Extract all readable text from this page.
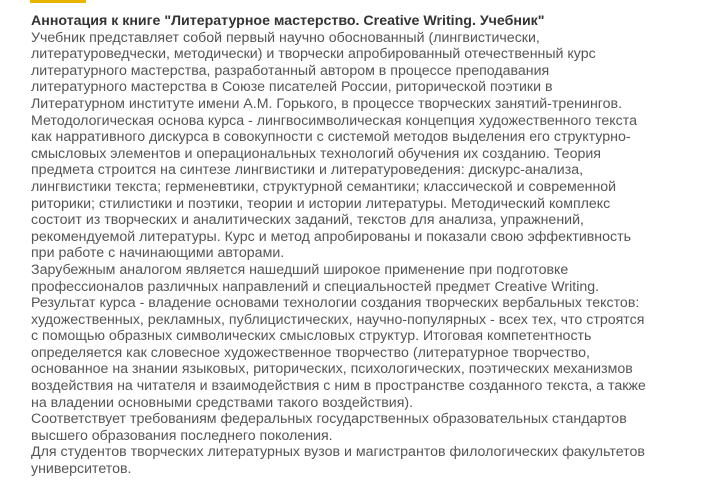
Аннотация к книге "Литературное мастерство. Creative Writing. Учебник"

Учебник представляет собой первый научно обоснованный (лингвистически,
литературоведчески, методически) и творчески апробированный отечественный курс
литературного мастерства, разработанный автором в процессе преподавания
литературного мастерства в Союзе писателей России, риторической поэтики в
Литературном институте имени А.М. Горького, в процессе творческих занятий-тренингов.
Методологическая основа курса - лингвосимволическая концепция художественного текста
как нарративного дискурса в совокупности с системой методов выделения его структурно-
смысловых элементов и операциональных технологий обучения их созданию. Теория
предмета строится на синтезе лингвистики и литературоведения: дискурс-анализа,
лингвистики текста; герменевтики, структурной семантики; классической и современной
риторики; стилистики и поэтики, теории и истории литературы. Методический комплекс
состоит из творческих и аналитических заданий, текстов для анализа, упражнений,
рекомендуемой литературы. Курс и метод апробированы и показали свою эффективность
при работе с начинающими авторами.

Зарубежным аналогом является нашедший широкое применение при подготовке
профессионалов различных направлений и специальностей предмет Creative Writing.
Результат курса - владение основами технологии создания творческих вербальных текстов:
художественных, рекламных, публицистических, научно-популярных - всех тех, что строятся
с помощью образных символических смысловых структур. Итоговая компетентность
определяется как словесное художественное творчество (литературное творчество,
основанное на знании языковых, риторических, психологических, поэтических механизмов
воздействия на читателя и взаимодействия с ним в пространстве созданного текста, а также
на владении основными средствами такого воздействия).

Соответствует требованиям федеральных государственных образовательных стандартов
высшего образования последнего поколения.

Для студентов творческих литературных вузов и магистрантов филологических факультетов
университетов.
